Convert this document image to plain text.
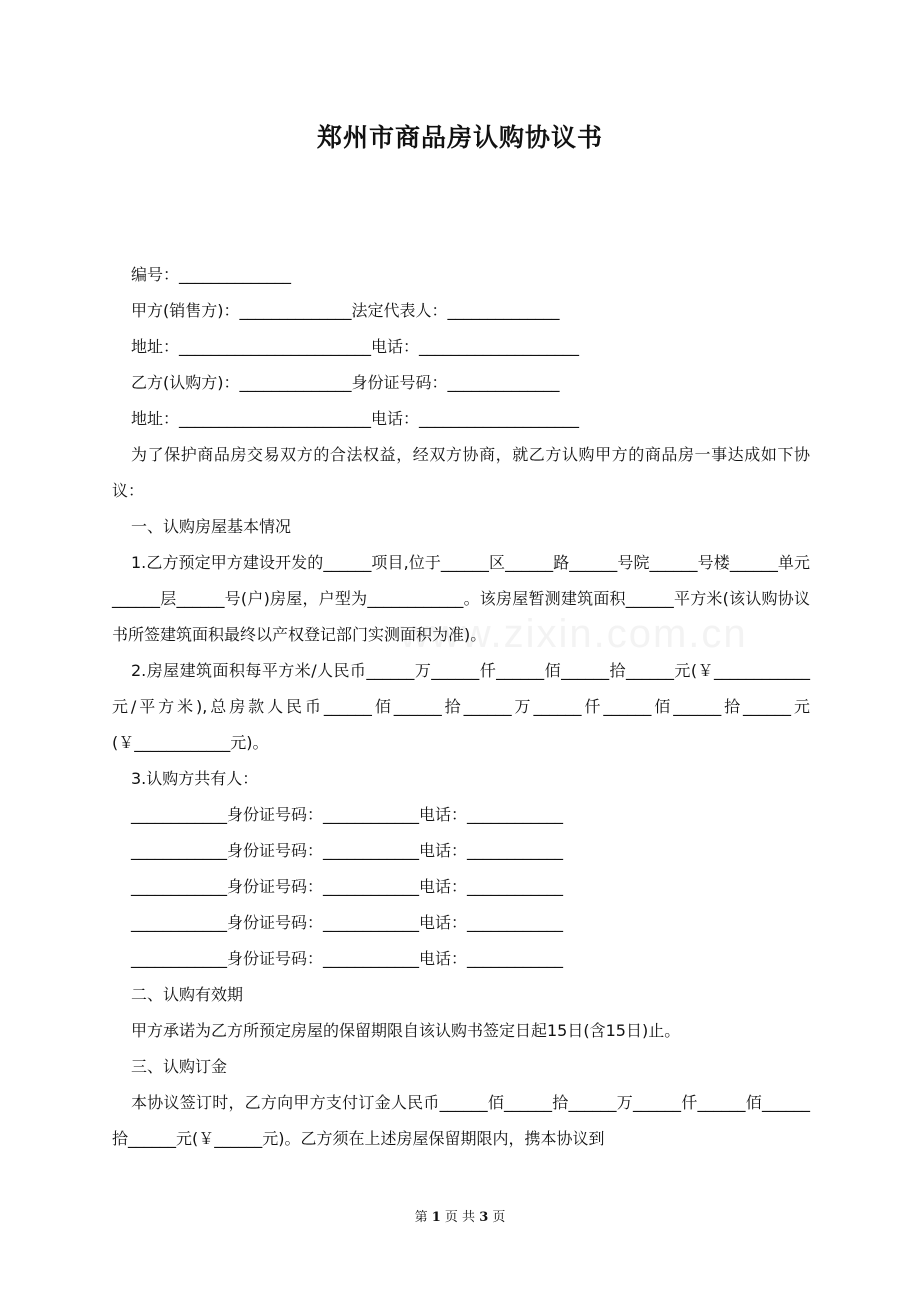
www.zixin.com.cn
郑州市商品房认购协议书
编号：______________
甲方(销售方)：______________法定代表人：______________
地址：________________________电话：____________________
乙方(认购方)：______________身份证号码：______________
地址：________________________电话：____________________
为了保护商品房交易双方的合法权益，经双方协商，就乙方认购甲方的商品房一事达成如下协议：
一、认购房屋基本情况
1.乙方预定甲方建设开发的______项目,位于______区______路______号院______号楼______单元______层______号(户)房屋，户型为____________。该房屋暂测建筑面积______平方米(该认购协议书所签建筑面积最终以产权登记部门实测面积为准)。
2.房屋建筑面积每平方米/人民币______万______仟______佰______拾______元(￥____________元/平方米),总房款人民币______佰______拾______万______仟______佰______拾______元(￥____________元)。
3.认购方共有人：
____________身份证号码：____________电话：____________
____________身份证号码：____________电话：____________
____________身份证号码：____________电话：____________
____________身份证号码：____________电话：____________
____________身份证号码：____________电话：____________
二、认购有效期
甲方承诺为乙方所预定房屋的保留期限自该认购书签定日起15日(含15日)止。
三、认购订金
本协议签订时，乙方向甲方支付订金人民币______佰______拾______万______仟______佰______拾______元(￥______元)。乙方须在上述房屋保留期限内，携本协议到
第 1 页 共 3 页
